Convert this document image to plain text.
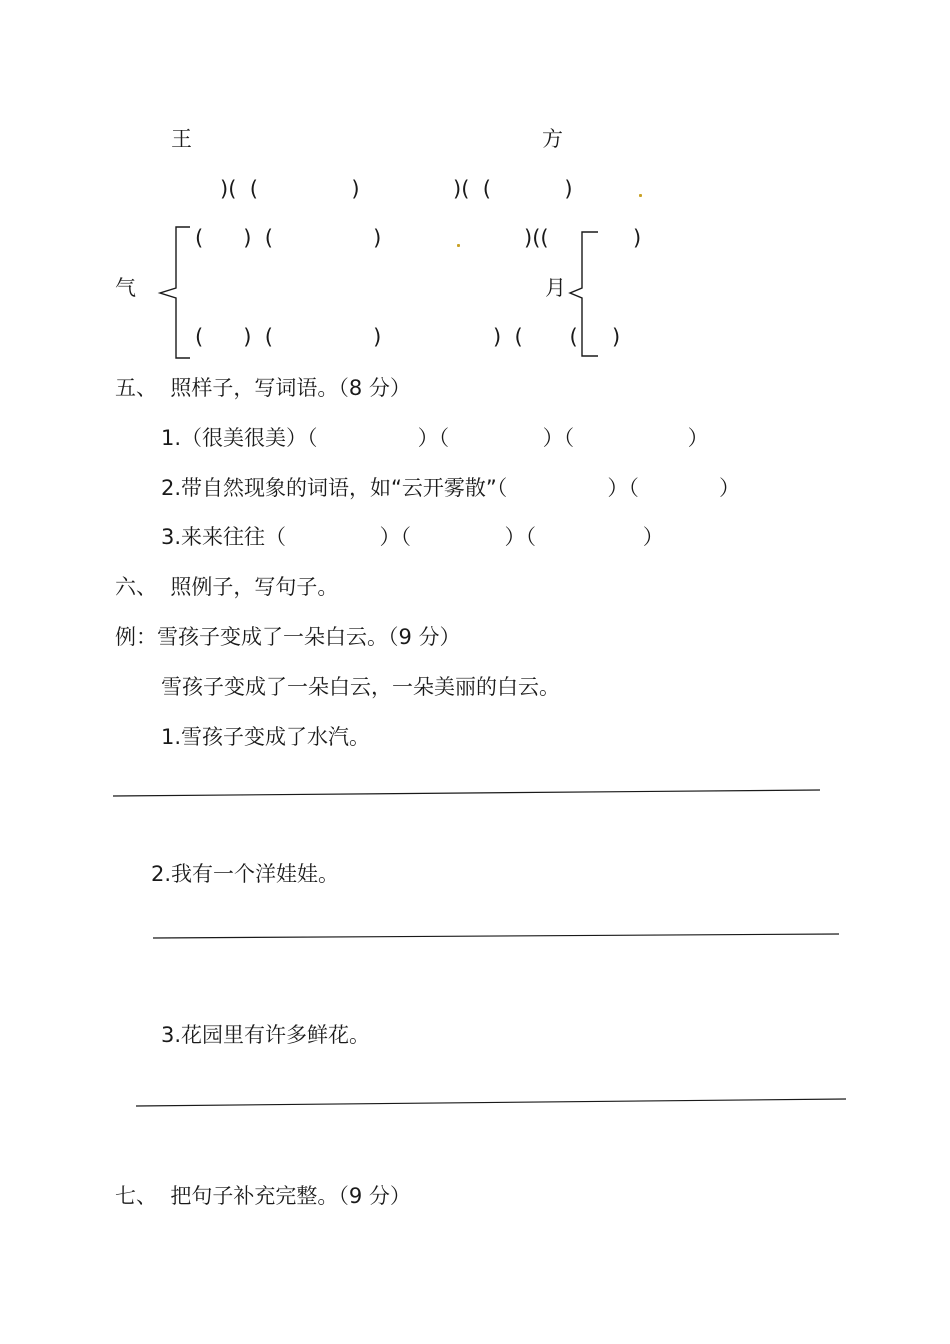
王	方
)(  (              )	)(  (           )
(      )  (               )	)((	)
气	月
(      )  (               )	)  (       ( )
五、  照样子，写词语。（8 分）
1.（很美很美）（               ）（              ）（                 ）
2.带自然现象的词语，如“云开雾散”（               ）（            ）
3.来来往往（              ）（              ）（                ）
六、  照例子，写句子。
例：雪孩子变成了一朵白云。（9 分）
雪孩子变成了一朵白云，一朵美丽的白云。
1.雪孩子变成了水汽。
2.我有一个洋娃娃。
3.花园里有许多鲜花。
七、  把句子补充完整。（9 分）
